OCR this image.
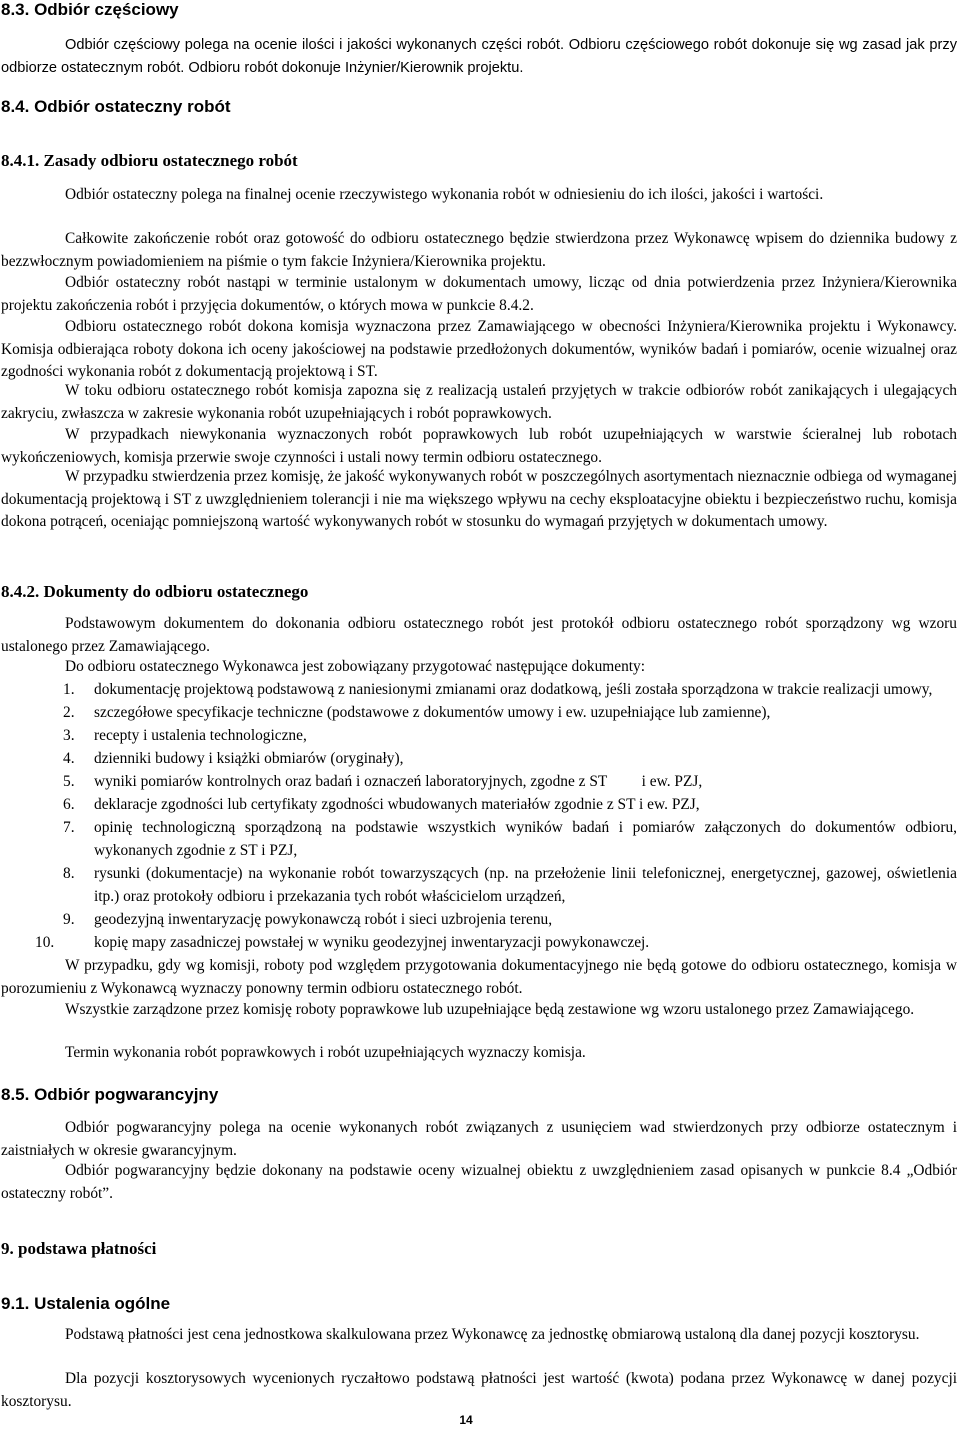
8.3. Odbiór częściowy

Odbiór częściowy polega na ocenie ilości i jakości wykonanych części robót. Odbioru częściowego robót dokonuje się wg zasad jak przy odbiorze ostatecznym robót. Odbioru robót dokonuje Inżynier/Kierownik projektu.

8.4. Odbiór ostateczny robót
8.4.1. Zasady odbioru ostatecznego robót

Odbiór ostateczny polega na finalnej ocenie rzeczywistego wykonania robót w odniesieniu do ich ilości, jakości i wartości.

Całkowite zakończenie robót oraz gotowość do odbioru ostatecznego będzie stwierdzona przez Wykonawcę wpisem do dziennika budowy z bezzwłocznym powiadomieniem na piśmie o tym fakcie Inżyniera/Kierownika projektu.

Odbiór ostateczny robót nastąpi w terminie ustalonym w dokumentach umowy, licząc od dnia potwierdzenia przez Inżyniera/Kierownika projektu zakończenia robót i przyjęcia dokumentów, o których mowa w punkcie 8.4.2.

Odbioru ostatecznego robót dokona komisja wyznaczona przez Zamawiającego w obecności Inżyniera/Kierownika projektu i Wykonawcy. Komisja odbierająca roboty dokona ich oceny jakościowej na podstawie przedłożonych dokumentów, wyników badań i pomiarów, ocenie wizualnej oraz zgodności wykonania robót z dokumentacją projektową i ST.

W toku odbioru ostatecznego robót komisja zapozna się z realizacją ustaleń przyjętych w trakcie odbiorów robót zanikających i ulegających zakryciu, zwłaszcza w zakresie wykonania robót uzupełniających i robót poprawkowych.

W przypadkach niewykonania wyznaczonych robót poprawkowych lub robót uzupełniających w warstwie ścieralnej lub robotach wykończeniowych, komisja przerwie swoje czynności i ustali nowy termin odbioru ostatecznego.

W przypadku stwierdzenia przez komisję, że jakość wykonywanych robót w poszczególnych asortymentach nieznacznie odbiega od wymaganej dokumentacją projektową i ST z uwzględnieniem tolerancji i nie ma większego wpływu na cechy eksploatacyjne obiektu i bezpieczeństwo ruchu, komisja dokona potrąceń, oceniając pomniejszoną wartość wykonywanych robót w stosunku do wymagań przyjętych w dokumentach umowy.

8.4.2. Dokumenty do odbioru ostatecznego

Podstawowym dokumentem do dokonania odbioru ostatecznego robót jest protokół odbioru ostatecznego robót sporządzony wg wzoru ustalonego przez Zamawiającego.

Do odbioru ostatecznego Wykonawca jest zobowiązany przygotować następujące dokumenty:

1. dokumentację projektową podstawową z naniesionymi zmianami oraz dodatkową, jeśli została sporządzona w trakcie realizacji umowy,
2. szczegółowe specyfikacje techniczne (podstawowe z dokumentów umowy i ew. uzupełniające lub zamienne),
3. recepty i ustalenia technologiczne,
4. dzienniki budowy i książki obmiarów (oryginały),
5. wyniki pomiarów kontrolnych oraz badań i oznaczeń laboratoryjnych, zgodne z ST         i ew. PZJ,
6. deklaracje zgodności lub certyfikaty zgodności wbudowanych materiałów zgodnie z ST i ew. PZJ,
7. opinię technologiczną sporządzoną na podstawie wszystkich wyników badań i pomiarów załączonych do dokumentów odbioru, wykonanych zgodnie z ST i PZJ,
8. rysunki (dokumentacje) na wykonanie robót towarzyszących (np. na przełożenie linii telefonicznej, energetycznej, gazowej, oświetlenia itp.) oraz protokoły odbioru i przekazania tych robót właścicielom urządzeń,
9. geodezyjną inwentaryzację powykonawczą robót i sieci uzbrojenia terenu,
10.	kopię mapy zasadniczej powstałej w wyniku geodezyjnej inwentaryzacji powykonawczej.

W przypadku, gdy wg komisji, roboty pod względem przygotowania dokumentacyjnego nie będą gotowe do odbioru ostatecznego, komisja w porozumieniu z Wykonawcą wyznaczy ponowny termin odbioru ostatecznego robót.

Wszystkie zarządzone przez komisję roboty poprawkowe lub uzupełniające będą zestawione wg wzoru ustalonego przez Zamawiającego.

Termin wykonania robót poprawkowych i robót uzupełniających wyznaczy komisja.

8.5. Odbiór pogwarancyjny

Odbiór pogwarancyjny polega na ocenie wykonanych robót związanych z usunięciem wad stwierdzonych przy odbiorze ostatecznym i zaistniałych w okresie gwarancyjnym.

Odbiór pogwarancyjny będzie dokonany na podstawie oceny wizualnej obiektu z uwzględnieniem zasad opisanych w punkcie 8.4 „Odbiór ostateczny robót”.

9. podstawa płatności
9.1. Ustalenia ogólne

Podstawą płatności jest cena jednostkowa skalkulowana przez Wykonawcę za jednostkę obmiarową ustaloną dla danej pozycji kosztorysu.

Dla pozycji kosztorysowych wycenionych ryczałtowo podstawą płatności jest wartość (kwota) podana przez Wykonawcę w danej pozycji kosztorysu.

14
